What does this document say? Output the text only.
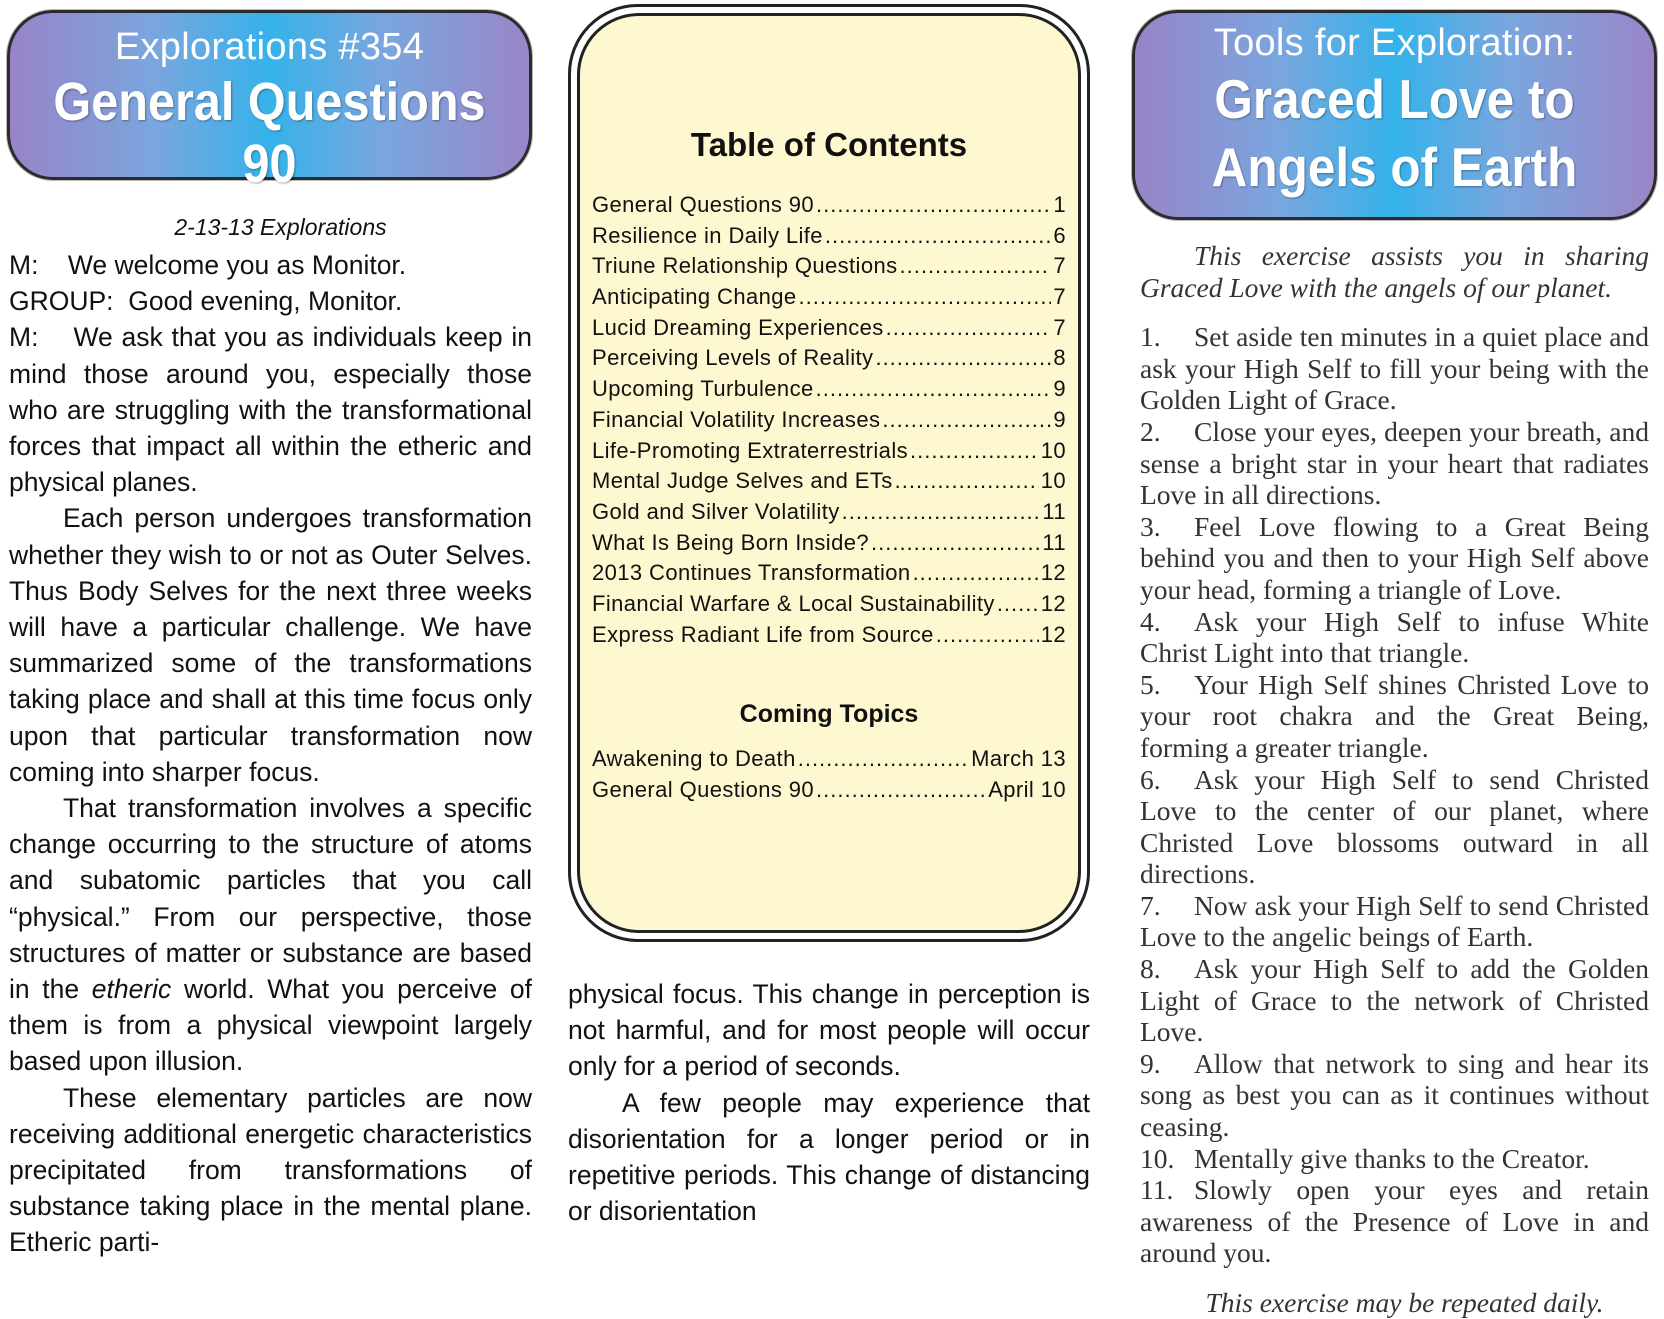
Explorations #354
General Questions 90
2-13-13 Explorations

M: We welcome you as Monitor.

GROUP: Good evening, Monitor.

M: We ask that you as individuals keep in mind those around you, especially those who are struggling with the transformational forces that impact all within the etheric and physical planes.

Each person undergoes transformation whether they wish to or not as Outer Selves. Thus Body Selves for the next three weeks will have a particular challenge. We have summarized some of the transformations taking place and shall at this time focus only upon that particular transformation now coming into sharper focus.

That transformation involves a specific change occurring to the structure of atoms and subatomic particles that you call “physical.” From our perspective, those structures of matter or substance are based in the etheric world. What you perceive of them is from a physical viewpoint largely based upon illusion.

These elementary particles are now receiving additional energetic characteristics precipitated from transformations of substance taking place in the mental plane. Etheric parti-

Table of Contents
General Questions 90 .....	1
Resilience in Daily Life .....	6
Triune Relationship Questions .....	7
Anticipating Change .....	7
Lucid Dreaming Experiences .....	7
Perceiving Levels of Reality .....	8
Upcoming Turbulence .....	9
Financial Volatility Increases .....	9
Life-Promoting Extraterrestrials .....	10
Mental Judge Selves and ETs .....	10
Gold and Silver Volatility .....	11
What Is Being Born Inside? .....	11
2013 Continues Transformation .....	12
Financial Warfare & Local Sustainability ..... 12
Express Radiant Life from Source .....	12
Coming Topics
Awakening to Death .....	March 13
General Questions 90 .....	April 10

physical focus. This change in perception is not harmful, and for most people will occur only for a period of seconds.

A few people may experience that disorientation for a longer period or in repetitive periods. This change of distancing or disorientation

Tools for Exploration:
Graced Love to
Angels of Earth

This exercise assists you in sharing Graced Love with the angels of our planet.

1. Set aside ten minutes in a quiet place and ask your High Self to fill your being with the Golden Light of Grace.

2. Close your eyes, deepen your breath, and sense a bright star in your heart that radiates Love in all directions.

3. Feel Love flowing to a Great Being behind you and then to your High Self above your head, forming a triangle of Love.

4. Ask your High Self to infuse White Christ Light into that triangle.

5. Your High Self shines Christed Love to your root chakra and the Great Being, forming a greater triangle.

6. Ask your High Self to send Christed Love to the center of our planet, where Christed Love blossoms outward in all directions.

7. Now ask your High Self to send Christed Love to the angelic beings of Earth.

8. Ask your High Self to add the Golden Light of Grace to the network of Christed Love.

9. Allow that network to sing and hear its song as best you can as it continues without ceasing.

10. Mentally give thanks to the Creator.

11. Slowly open your eyes and retain awareness of the Presence of Love in and around you.

This exercise may be repeated daily.
